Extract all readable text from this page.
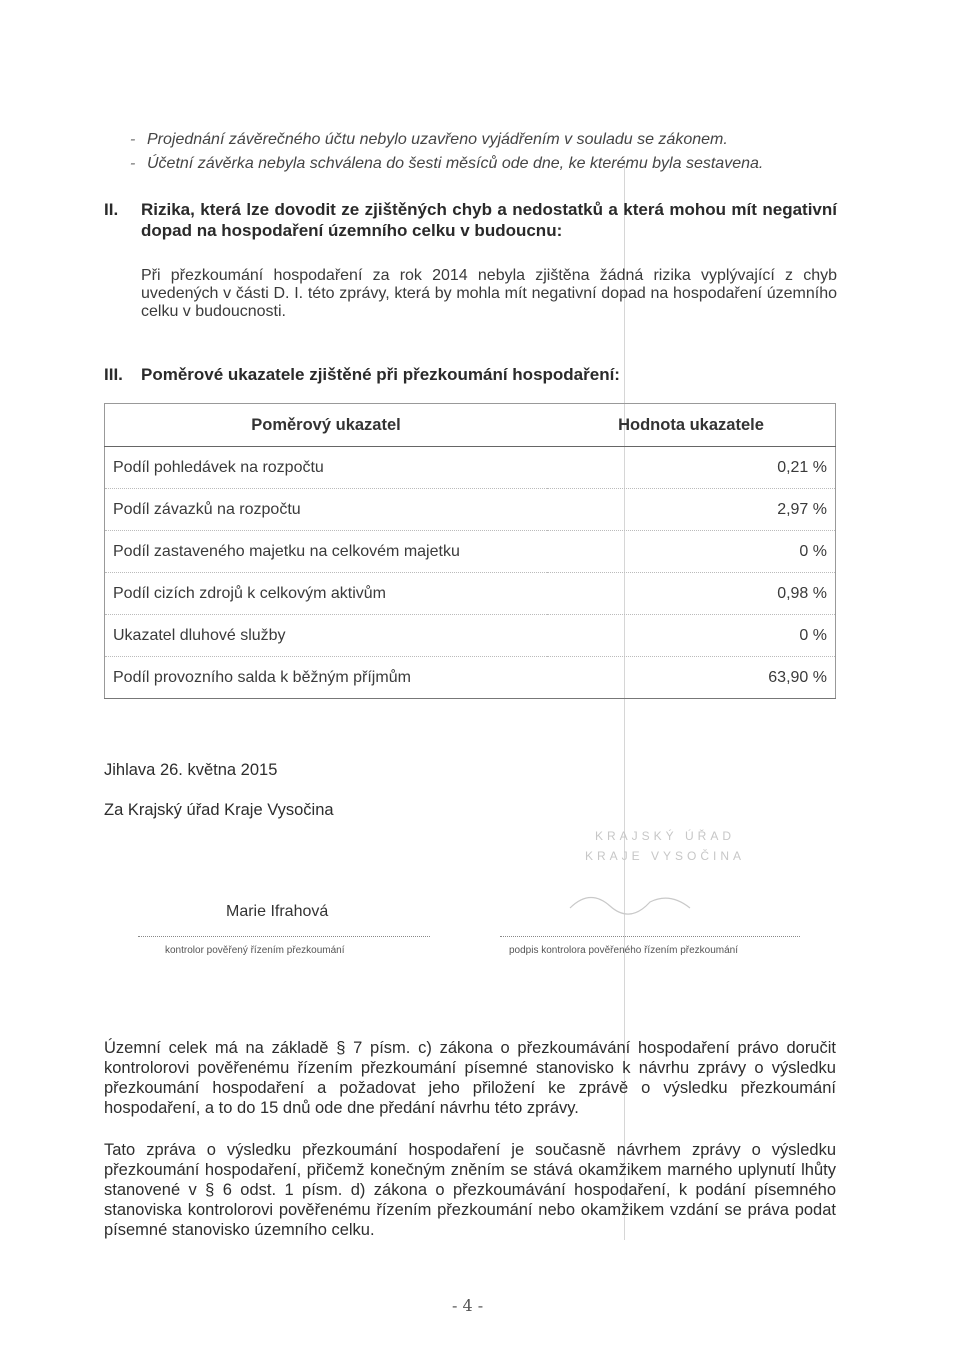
- Projednání závěrečného účtu nebylo uzavřeno vyjádřením v souladu se zákonem.
- Účetní závěrka nebyla schválena do šesti měsíců ode dne, ke kterému byla sestavena.
II. Rizika, která lze dovodit ze zjištěných chyb a nedostatků a která mohou mít negativní dopad na hospodaření územního celku v budoucnu:
Při přezkoumání hospodaření za rok 2014 nebyla zjištěna žádná rizika vyplývající z chyb uvedených v části D. I. této zprávy, která by mohla mít negativní dopad na hospodaření územního celku v budoucnosti.
III. Poměrové ukazatele zjištěné při přezkoumání hospodaření:
Poměrový ukazatel	Hodnota ukazatele
Podíl pohledávek na rozpočtu	0,21 %
Podíl závazků na rozpočtu	2,97 %
Podíl zastaveného majetku na celkovém majetku	0 %
Podíl cizích zdrojů k celkovým aktivům	0,98 %
Ukazatel dluhové služby	0 %
Podíl provozního salda k běžným příjmům	63,90 %
Jihlava 26. května 2015
Za Krajský úřad Kraje Vysočina
KRAJSKÝ ÚŘAD
KRAJE VYSOČINA
Marie Ifrahová
kontrolor pověřený řízením přezkoumání	podpis kontrolora pověřeného řízením přezkoumání
Územní celek má na základě § 7 písm. c) zákona o přezkoumávání hospodaření právo doručit kontrolorovi pověřenému řízením přezkoumání písemné stanovisko k návrhu zprávy o výsledku přezkoumání hospodaření a požadovat jeho přiložení ke zprávě o výsledku přezkoumání hospodaření, a to do 15 dnů ode dne předání návrhu této zprávy.
Tato zpráva o výsledku přezkoumání hospodaření je současně návrhem zprávy o výsledku přezkoumání hospodaření, přičemž konečným zněním se stává okamžikem marného uplynutí lhůty stanovené v § 6 odst. 1 písm. d) zákona o přezkoumávání hospodaření, k podání písemného stanoviska kontrolorovi pověřenému řízením přezkoumání nebo okamžikem vzdání se práva podat písemné stanovisko územního celku.
- 4 -
